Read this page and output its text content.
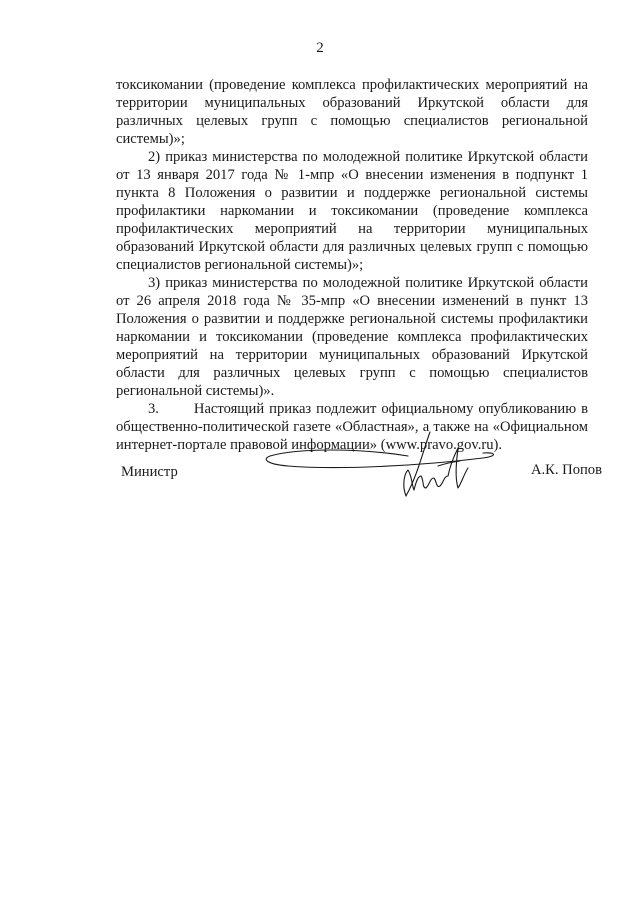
2

токсикомании (проведение комплекса профилактических мероприятий на территории муниципальных образований Иркутской области для различных целевых групп с помощью специалистов региональной системы)»;

2) приказ министерства по молодежной политике Иркутской области от 13 января 2017 года № 1-мпр «О внесении изменения в подпункт 1 пункта 8 Положения о развитии и поддержке региональной системы профилактики наркомании и токсикомании (проведение комплекса профилактических мероприятий на территории муниципальных образований Иркутской области для различных целевых групп с помощью специалистов региональной системы)»;

3) приказ министерства по молодежной политике Иркутской области от 26 апреля 2018 года № 35-мпр «О внесении изменений в пункт 13 Положения о развитии и поддержке региональной системы профилактики наркомании и токсикомании (проведение комплекса профилактических мероприятий на территории муниципальных образований Иркутской области для различных целевых групп с помощью специалистов региональной системы)».

3.       Настоящий приказ подлежит официальному опубликованию в общественно-политической газете «Областная», а также на «Официальном интернет-портале правовой информации» (www.pravo.gov.ru).

Министр	А.К. Попов
